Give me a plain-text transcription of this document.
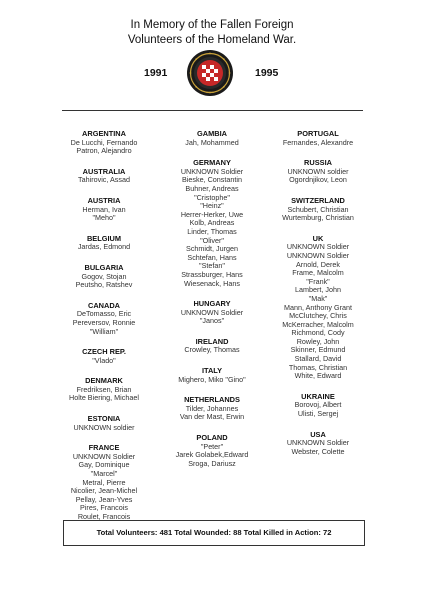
In Memory of the Fallen Foreign
Volunteers of the Homeland War.
1991	1995
ARGENTINA
De Lucchi, Fernando
Patron, Alejandro
AUSTRALIA
Tahirovic, Assad
AUSTRIA
Herman, Ivan
"Meho"
BELGIUM
Jardas, Edmond
BULGARIA
Gogov, Stojan
Peutsho, Ratshev
CANADA
DeTomasso, Eric
Pereversov, Ronnie
"William"
CZECH REP.
"Vlado"
DENMARK
Fredriksen, Brian
Holte Biering, Michael
ESTONIA
UNKNOWN soldier
FRANCE
UNKNOWN Soldier
Gay, Dominique
"Marcel"
Metral, Pierre
Nicolier, Jean-Michel
Pellay, Jean-Yves
Pires, Francois
Roulet, Francois
GAMBIA
Jah, Mohammed
GERMANY
UNKNOWN Soldier
Bieske, Constantin
Buhner, Andreas
"Cristophe"
"Heinz"
Herrer-Herker, Uwe
Kolb, Andreas
Linder, Thomas
"Oliver"
Schmidt, Jurgen
Schtefan, Hans
"Stefan"
Strassburger, Hans
Wiesenack, Hans
HUNGARY
UNKNOWN Soldier
"Janos"
IRELAND
Crowley, Thomas
ITALY
Mighero, Miko "Gino"
NETHERLANDS
Tilder, Johannes
Van der Mast, Erwin
POLAND
"Peter"
Jarek Golabek,Edward
Sroga, Dariusz
PORTUGAL
Fernandes, Alexandre
RUSSIA
UNKNOWN soldier
Ogordnjikov, Leon
SWITZERLAND
Schubert, Christian
Wurtemburg, Christian
UK
UNKNOWN Soldier
UNKNOWN Soldier
Arnold, Derek
Frame, Malcolm
"Frank"
Lambert, John
"Mak"
Mann, Anthony Grant
McClutchey, Chris
McKerracher, Malcolm
Richmond, Cody
Rowley, John
Skinner, Edmund
Stallard, David
Thomas, Christian
White, Edward
UKRAINE
Borovoj, Albert
Ulisti, Sergej
USA
UNKNOWN Soldier
Webster, Colette
Total Volunteers: 481 Total Wounded: 88 Total Killed in Action: 72
